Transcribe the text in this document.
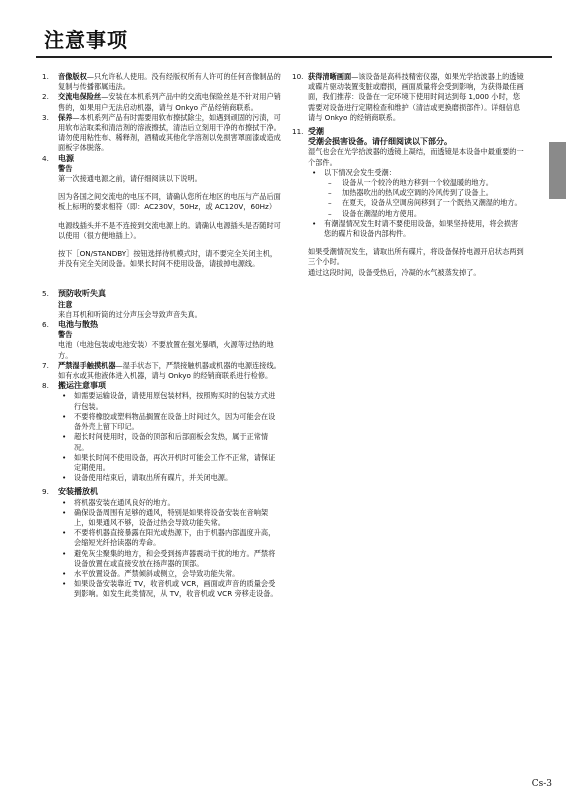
注意事项
1.	音像版权—只允许私人使用。没有经版权所有人许可的任何音像制品的复制与传播都属违法。
2.	交流电保险丝—安装在本机系列产品中的交流电保险丝是不针对用户销售的，如果用户无法启动机器，请与 Onkyo 产品经销商联系。
3.	保养—本机系列产品有时需要用软布擦拭除尘，如遇到顽固的污渍，可用软布沾取柔和清洁剂的溶液擦拭，清洁后立刻用干净的布擦拭干净。请勿使用粘性布、稀释剂，酒精或其他化学溶剂以免损害罩面漆或造成面板字体脱落。
4.	电源
警告
第一次接通电源之前，请仔细阅读以下说明。
因为各国之间交流电的电压不同，请确认您所在地区的电压与产品后面板上标明的要求相符（即：AC230V，50Hz，或 AC120V，60Hz）
电源线插头并不是不连接到交流电源上的。请确认电源插头是否随时可以使用（很方便地插上）。
按下［ON/STANDBY］按钮选择待机模式时，请不要完全关闭主机，并没有完全关闭设备。如果长时间不使用设备，请拔掉电源线。
5.	预防收听失真
注意
来自耳机和听筒的过分声压会导致声音失真。
6.	电池与散热
警告
电池（电池包装或电池安装）不要放置在强光暴晒，火源等过热的地方。
7.	严禁湿手触摸机器—湿手状态下，严禁接触机器或机器的电源连接线。如有水或其他液体进入机器，请与 Onkyo 的经销商联系进行检修。
8.	搬运注意事项
• 如需要运输设备，请使用原包装材料，按照购买时的包装方式进行包装。
• 不要将橡胶或塑料物品搁置在设备上时间过久，因为可能会在设备外壳上留下印记。
• 超长时间使用时，设备的顶部和后部面板会发热，属于正常情况。
• 如果长时间不使用设备，再次开机时可能会工作不正常，请保证定期使用。
• 设备使用结束后，请取出所有碟片，并关闭电源。
9.	安装播放机
• 将机器安装在通风良好的地方。
• 确保设备周围有足够的通风，特别是如果将设备安装在音响架上，如果通风不够，设备过热会导致功能失常。
• 不要将机器直接暴露在阳光或热源下，由于机器内部温度升高，会缩短光纤拾读器的寿命。
• 避免灰尘聚集的地方，和会受到扬声器震动干扰的地方。严禁将设备放置在或直接安放在扬声器的顶部。
• 水平放置设备。严禁倾斜或侧立，会导致功能失常。
• 如果设备安装靠近 TV，收音机或 VCR，画面或声音的质量会受到影响。如发生此类情况，从 TV，收音机或 VCR 旁移走设备。
10. 获得清晰画面—该设备是高科技精密仪器，如果光学拾波器上的透镜或碟片驱动装置变脏或磨损，画面质量将会受到影响，为获得最佳画面，我们推荐：设备在一定环境下使用时间达到每 1,000 小时，您需要对设备进行定期检查和维护（清洁或更换磨损部件）。详细信息请与 Onkyo 的经销商联系。
11. 受潮
受潮会损害设备。请仔细阅读以下部分。
湿气也会在光学拾波器的透镜上凝结，而透镜是本设备中最重要的一个部件。
• 以下情况会发生受潮：
– 设备从一个较冷的地方移到一个较温暖的地方。
– 加热器吹出的热风或空调的冷风传到了设备上。
– 在夏天，设备从空调房间移到了一个既热又潮湿的地方。
– 设备在潮湿的地方使用。
• 有潮湿情况发生时请不要使用设备，如果坚持使用，将会损害您的碟片和设备内部构件。
如果受潮情况发生，请取出所有碟片，将设备保持电源开启状态两到三个小时。
通过这段时间，设备受热后，冷凝的水气被蒸发掉了。
Cs-3
